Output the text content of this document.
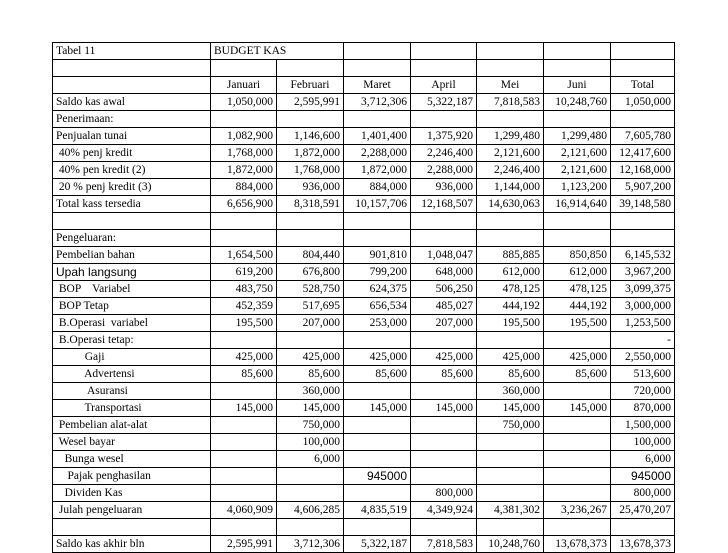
Tabel 11	BUDGET KAS						

	Januari	Februari	Maret	April	Mei	Juni	Total
Saldo kas awal	1,050,000	2,595,991	3,712,306	5,322,187	7,818,583	10,248,760	1,050,000
Penerimaan:							
Penjualan tunai	1,082,900	1,146,600	1,401,400	1,375,920	1,299,480	1,299,480	7,605,780
40% penj kredit	1,768,000	1,872,000	2,288,000	2,246,400	2,121,600	2,121,600	12,417,600
40% pen kredit (2)	1,872,000	1,768,000	1,872,000	2,288,000	2,246,400	2,121,600	12,168,000
20 % penj kredit (3)	884,000	936,000	884,000	936,000	1,144,000	1,123,200	5,907,200
Total kass tersedia	6,656,900	8,318,591	10,157,706	12,168,507	14,630,063	16,914,640	39,148,580

Pengeluaran:							
Pembelian bahan	1,654,500	804,440	901,810	1,048,047	885,885	850,850	6,145,532
Upah langsung	619,200	676,800	799,200	648,000	612,000	612,000	3,967,200
BOP    Variabel	483,750	528,750	624,375	506,250	478,125	478,125	3,099,375
BOP Tetap	452,359	517,695	656,534	485,027	444,192	444,192	3,000,000
B.Operasi  variabel	195,500	207,000	253,000	207,000	195,500	195,500	1,253,500
B.Operasi tetap:							-
Gaji	425,000	425,000	425,000	425,000	425,000	425,000	2,550,000
Advertensi	85,600	85,600	85,600	85,600	85,600	85,600	513,600
Asuransi		360,000			360,000		720,000
Transportasi	145,000	145,000	145,000	145,000	145,000	145,000	870,000
Pembelian alat-alat		750,000			750,000		1,500,000
Wesel bayar		100,000					100,000
Bunga wesel		6,000					6,000
Pajak penghasilan			945000				945000
Dividen Kas				800,000			800,000
Julah pengeluaran	4,060,909	4,606,285	4,835,519	4,349,924	4,381,302	3,236,267	25,470,207

Saldo kas akhir bln	2,595,991	3,712,306	5,322,187	7,818,583	10,248,760	13,678,373	13,678,373
